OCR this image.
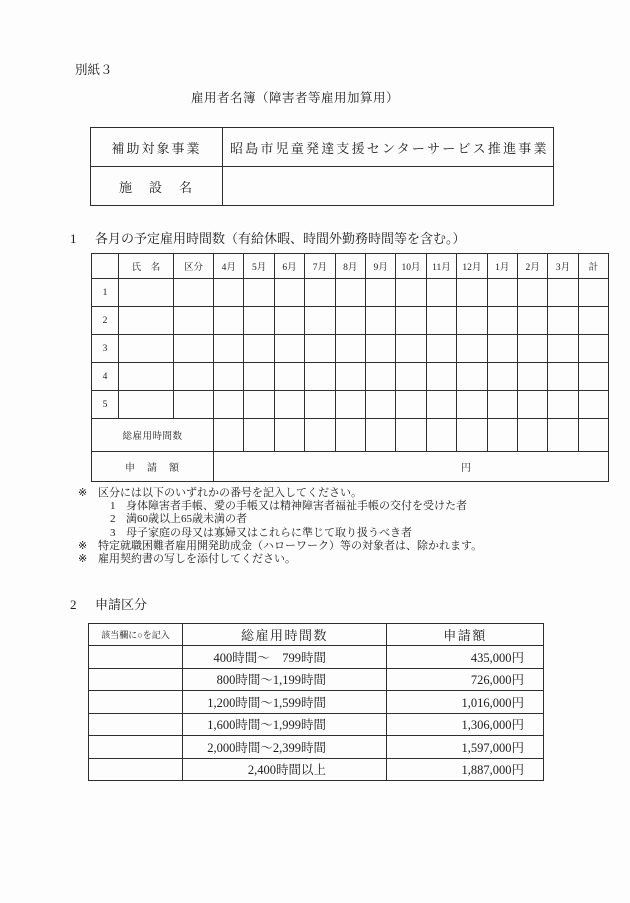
別紙３
雇用者名簿（障害者等雇用加算用）
補助対象事業	昭島市児童発達支援センターサービス推進事業
施　設　名	
1 各月の予定雇用時間数（有給休暇、時間外勤務時間等を含む。）
	氏　名	区分	4月	5月	6月	7月	8月	9月	10月	11月	12月	1月	2月	3月	計
1															
2															
3															
4															
5															
総雇用時間数															
申　請　額			円												
※ 区分には以下のいずれかの番号を記入してください。
1 身体障害者手帳、愛の手帳又は精神障害者福祉手帳の交付を受けた者
2 満60歳以上65歳未満の者
3 母子家庭の母又は寡婦又はこれらに準じて取り扱うべき者
※ 特定就職困難者雇用開発助成金（ハローワーク）等の対象者は、除かれます。
※ 雇用契約書の写しを添付してください。
2 申請区分
該当欄に○を記入	総雇用時間数	申請額
	400時間～　799時間	435,000円
	800時間～1,199時間	726,000円
	1,200時間～1,599時間	1,016,000円
	1,600時間～1,999時間	1,306,000円
	2,000時間～2,399時間	1,597,000円
	2,400時間以上	1,887,000円
